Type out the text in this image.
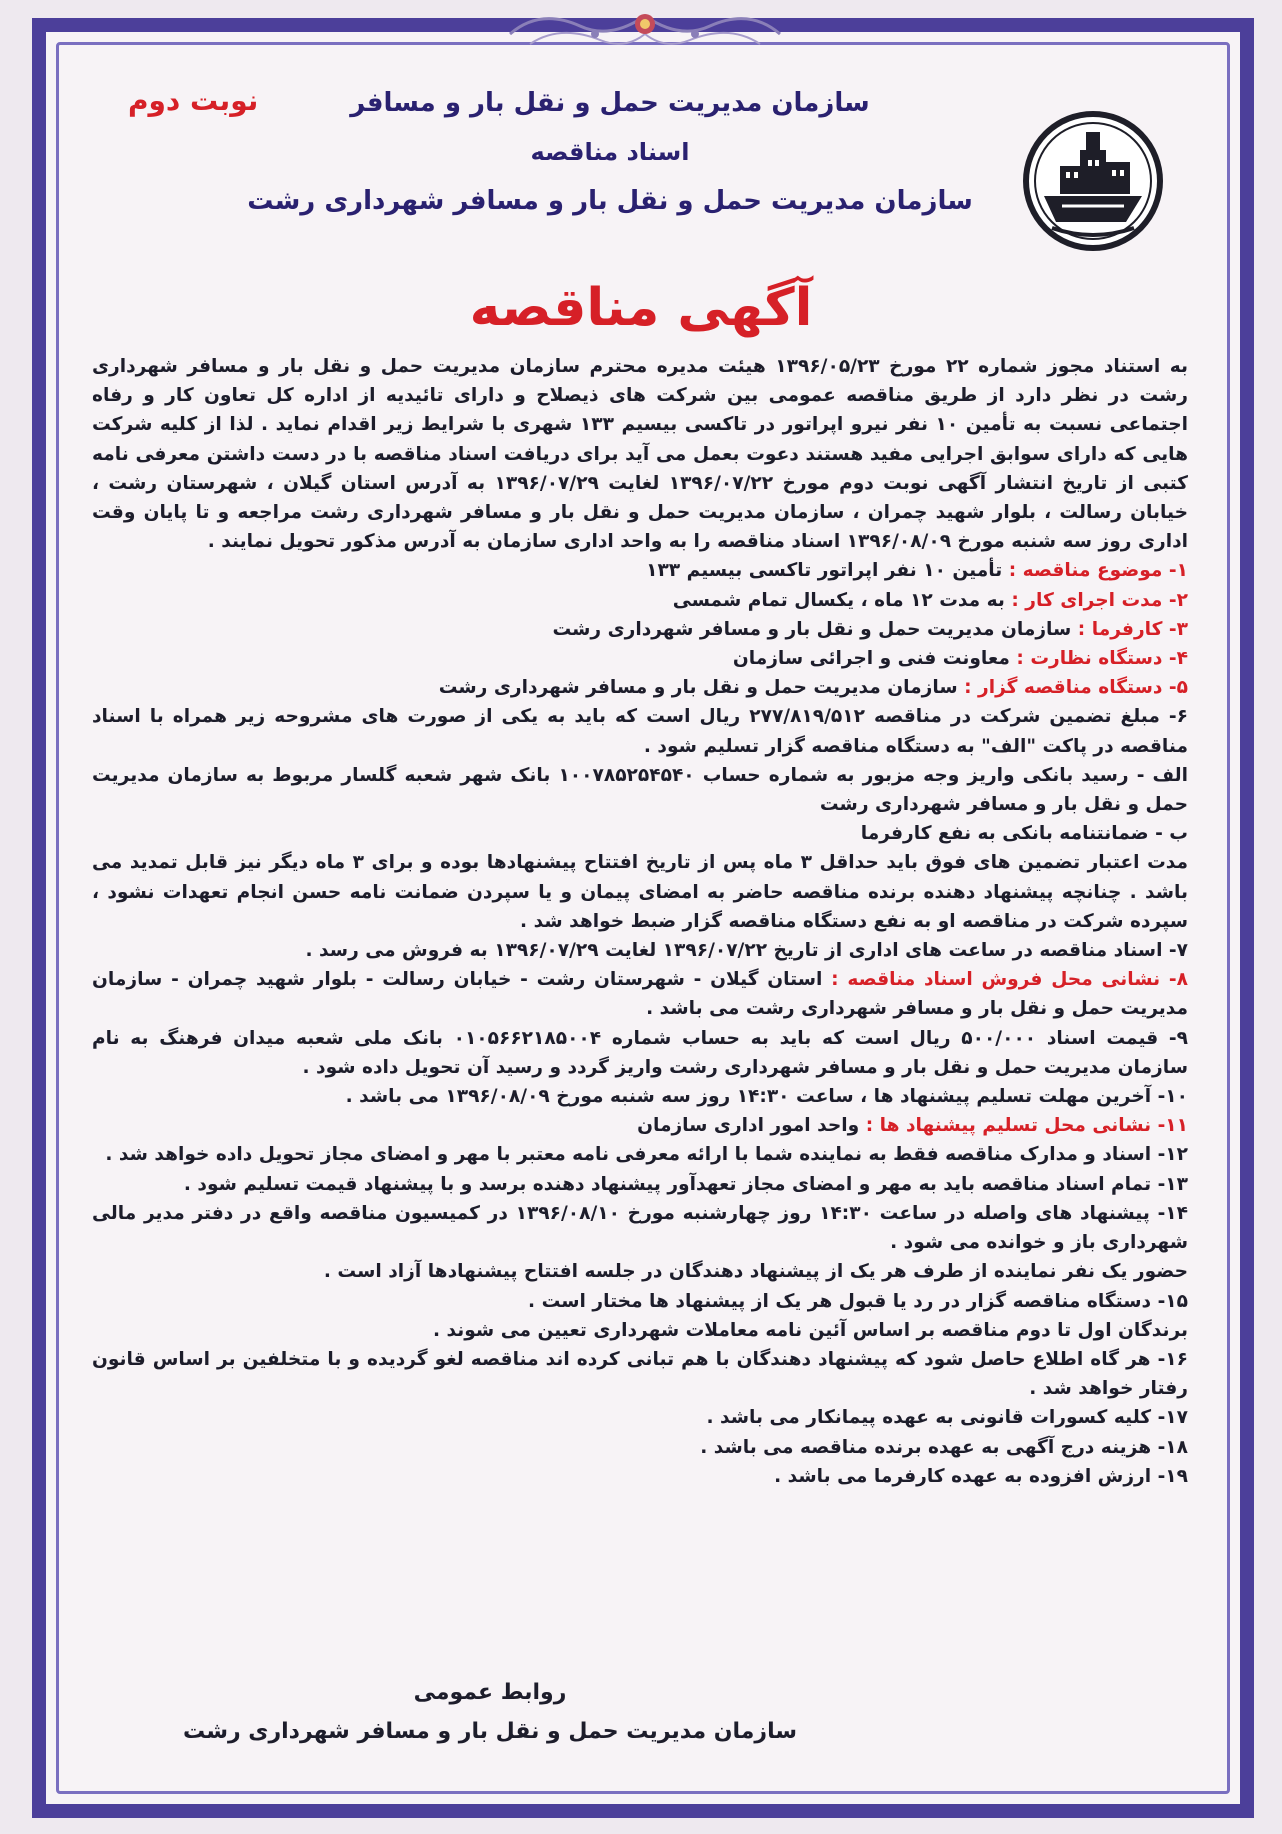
نوبت دوم	سازمان مدیریت حمل و نقل بار و مسافر

اسناد مناقصه

سازمان مدیریت حمل و نقل بار و مسافر شهرداری رشت

آگهی مناقصه

به استناد مجوز شماره ۲۲ مورخ ۱۳۹۶/۰۵/۲۳ هیئت مدیره محترم سازمان مدیریت حمل و نقل بار و مسافر شهرداری رشت در نظر دارد از طریق مناقصه عمومی بین شرکت های ذیصلاح و دارای تائیدیه از اداره کل تعاون کار و رفاه اجتماعی نسبت به تأمین ۱۰ نفر نیرو اپراتور در تاکسی بیسیم ۱۳۳ شهری با شرایط زیر اقدام نماید . لذا از کلیه شرکت هایی که دارای سوابق اجرایی مفید هستند دعوت بعمل می آید برای دریافت اسناد مناقصه با در دست داشتن معرفی نامه کتبی از تاریخ انتشار آگهی نوبت دوم مورخ ۱۳۹۶/۰۷/۲۲ لغایت ۱۳۹۶/۰۷/۲۹ به آدرس استان گیلان ، شهرستان رشت ، خیابان رسالت ، بلوار شهید چمران ، سازمان مدیریت حمل و نقل بار و مسافر شهرداری رشت مراجعه و تا پایان وقت اداری روز سه شنبه مورخ ۱۳۹۶/۰۸/۰۹ اسناد مناقصه را به واحد اداری سازمان به آدرس مذکور تحویل نمایند .

۱- موضوع مناقصه : تأمین ۱۰ نفر اپراتور تاکسی بیسیم ۱۳۳

۲- مدت اجرای کار : به مدت ۱۲ ماه ، یکسال تمام شمسی

۳- کارفرما : سازمان مدیریت حمل و نقل بار و مسافر شهرداری رشت

۴- دستگاه نظارت : معاونت فنی و اجرائی سازمان

۵- دستگاه مناقصه گزار : سازمان مدیریت حمل و نقل بار و مسافر شهرداری رشت

۶- مبلغ تضمین شرکت در مناقصه ۲۷۷/۸۱۹/۵۱۲ ریال است که باید به یکی از صورت های مشروحه زیر همراه با اسناد مناقصه در پاکت "الف" به دستگاه مناقصه گزار تسلیم شود .

الف - رسید بانکی واریز وجه مزبور به شماره حساب ۱۰۰۷۸۵۲۵۴۵۴۰ بانک شهر شعبه گلسار مربوط به سازمان مدیریت حمل و نقل بار و مسافر شهرداری رشت

ب - ضمانتنامه بانکی به نفع کارفرما

مدت اعتبار تضمین های فوق باید حداقل ۳ ماه پس از تاریخ افتتاح پیشنهادها بوده و برای ۳ ماه دیگر نیز قابل تمدید می باشد . چنانچه پیشنهاد دهنده برنده مناقصه حاضر به امضای پیمان و یا سپردن ضمانت نامه حسن انجام تعهدات نشود ، سپرده شرکت در مناقصه او به نفع دستگاه مناقصه گزار ضبط خواهد شد .

۷- اسناد مناقصه در ساعت های اداری از تاریخ ۱۳۹۶/۰۷/۲۲ لغایت ۱۳۹۶/۰۷/۲۹ به فروش می رسد .

۸- نشانی محل فروش اسناد مناقصه : استان گیلان - شهرستان رشت - خیابان رسالت - بلوار شهید چمران - سازمان مدیریت حمل و نقل بار و مسافر شهرداری رشت می باشد .

۹- قیمت اسناد ۵۰۰/۰۰۰ ریال است که باید به حساب شماره ۰۱۰۵۶۶۲۱۸۵۰۰۴ بانک ملی شعبه میدان فرهنگ به نام سازمان مدیریت حمل و نقل بار و مسافر شهرداری رشت واریز گردد و رسید آن تحویل داده شود .

۱۰- آخرین مهلت تسلیم پیشنهاد ها ، ساعت ۱۴:۳۰ روز سه شنبه مورخ ۱۳۹۶/۰۸/۰۹ می باشد .

۱۱- نشانی محل تسلیم پیشنهاد ها : واحد امور اداری سازمان

۱۲- اسناد و مدارک مناقصه فقط به نماینده شما با ارائه معرفی نامه معتبر با مهر و امضای مجاز تحویل داده خواهد شد .

۱۳- تمام اسناد مناقصه باید به مهر و امضای مجاز تعهدآور پیشنهاد دهنده برسد و با پیشنهاد قیمت تسلیم شود .

۱۴- پیشنهاد های واصله در ساعت ۱۴:۳۰ روز چهارشنبه مورخ ۱۳۹۶/۰۸/۱۰ در کمیسیون مناقصه واقع در دفتر مدیر مالی شهرداری باز و خوانده می شود .

حضور یک نفر نماینده از طرف هر یک از پیشنهاد دهندگان در جلسه افتتاح پیشنهادها آزاد است .

۱۵- دستگاه مناقصه گزار در رد یا قبول هر یک از پیشنهاد ها مختار است .

برندگان اول تا دوم مناقصه بر اساس آئین نامه معاملات شهرداری تعیین می شوند .

۱۶- هر گاه اطلاع حاصل شود که پیشنهاد دهندگان با هم تبانی کرده اند مناقصه لغو گردیده و با متخلفین بر اساس قانون رفتار خواهد شد .

۱۷- کلیه کسورات قانونی به عهده پیمانکار می باشد .

۱۸- هزینه درج آگهی به عهده برنده مناقصه می باشد .

۱۹- ارزش افزوده به عهده کارفرما می باشد .

روابط عمومی

سازمان مدیریت حمل و نقل بار و مسافر شهرداری رشت
